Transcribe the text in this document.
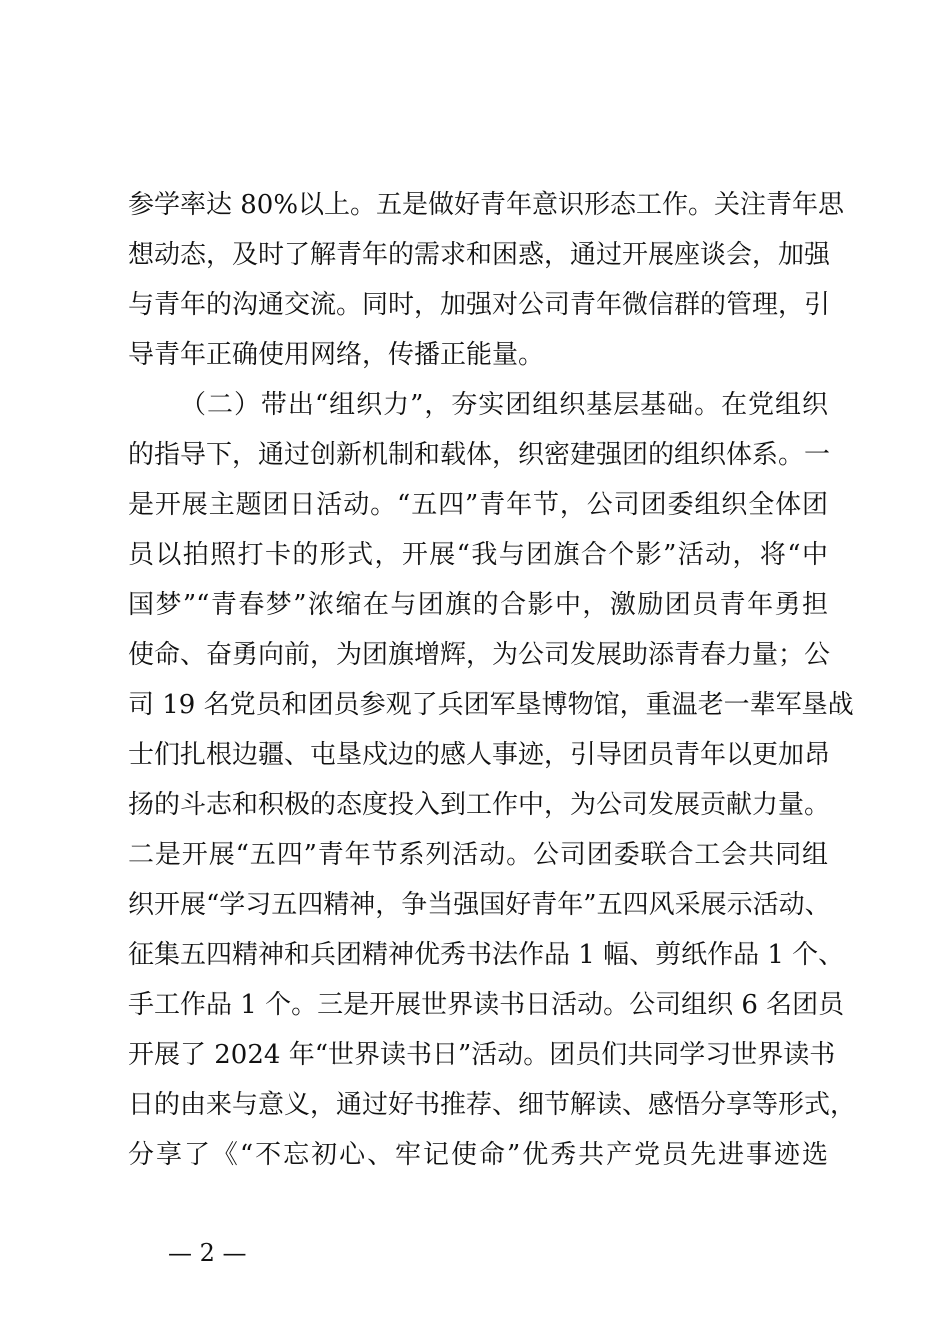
参学率达 80%以上。五是做好青年意识形态工作。关注青年思

想动态，及时了解青年的需求和困惑，通过开展座谈会，加强

与青年的沟通交流。同时，加强对公司青年微信群的管理，引

导青年正确使用网络，传播正能量。

（二）带出“组织力”，夯实团组织基层基础。在党组织

的指导下，通过创新机制和载体，织密建强团的组织体系。一

是开展主题团日活动。“五四”青年节，公司团委组织全体团

员以拍照打卡的形式，开展“我与团旗合个影”活动，将“中

国梦”“青春梦”浓缩在与团旗的合影中，激励团员青年勇担

使命、奋勇向前，为团旗增辉，为公司发展助添青春力量；公

司 19 名党员和团员参观了兵团军垦博物馆，重温老一辈军垦战

士们扎根边疆、屯垦戍边的感人事迹，引导团员青年以更加昂

扬的斗志和积极的态度投入到工作中，为公司发展贡献力量。

二是开展“五四”青年节系列活动。公司团委联合工会共同组

织开展“学习五四精神，争当强国好青年”五四风采展示活动、

征集五四精神和兵团精神优秀书法作品 1 幅、剪纸作品 1 个、

手工作品 1 个。三是开展世界读书日活动。公司组织 6 名团员

开展了 2024 年“世界读书日”活动。团员们共同学习世界读书

日的由来与意义，通过好书推荐、细节解读、感悟分享等形式，

分享了《“不忘初心、牢记使命”优秀共产党员先进事迹选

— 2 —
